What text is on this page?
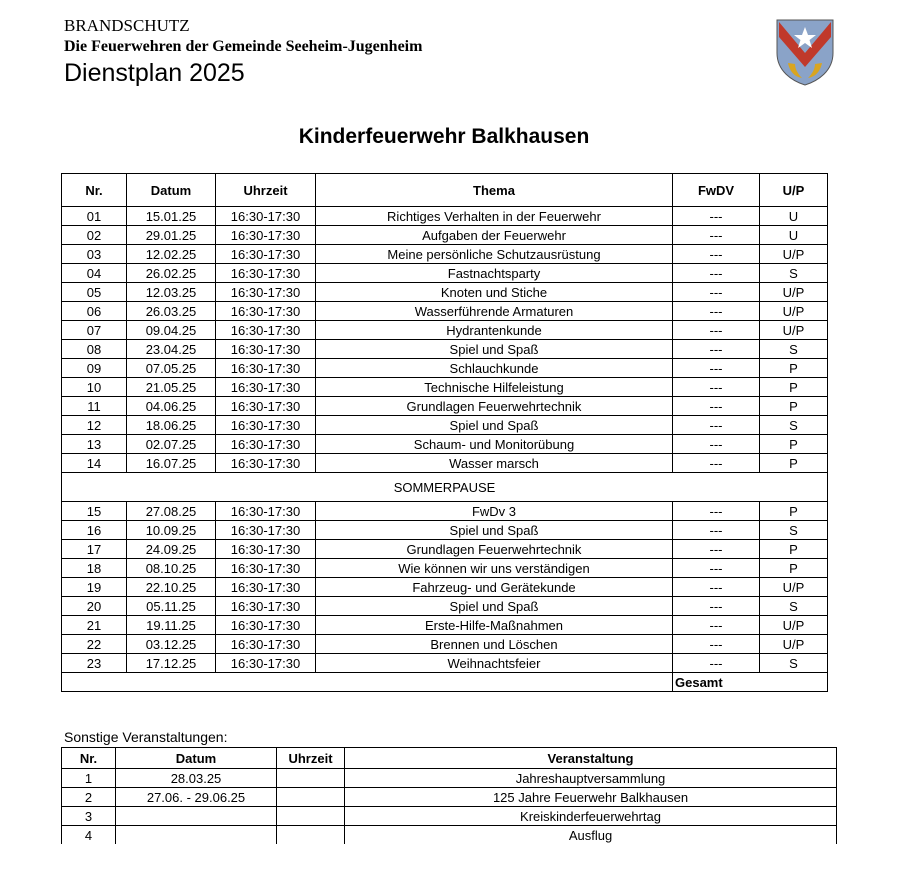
BRANDSCHUTZ
Die Feuerwehren der Gemeinde Seeheim-Jugenheim
Dienstplan 2025
Kinderfeuerwehr Balkhausen
Nr.	Datum	Uhrzeit	Thema	FwDV	U/P
01	15.01.25	16:30-17:30	Richtiges Verhalten in der Feuerwehr	---	U
02	29.01.25	16:30-17:30	Aufgaben der Feuerwehr	---	U
03	12.02.25	16:30-17:30	Meine persönliche Schutzausrüstung	---	U/P
04	26.02.25	16:30-17:30	Fastnachtsparty	---	S
05	12.03.25	16:30-17:30	Knoten und Stiche	---	U/P
06	26.03.25	16:30-17:30	Wasserführende Armaturen	---	U/P
07	09.04.25	16:30-17:30	Hydrantenkunde	---	U/P
08	23.04.25	16:30-17:30	Spiel und Spaß	---	S
09	07.05.25	16:30-17:30	Schlauchkunde	---	P
10	21.05.25	16:30-17:30	Technische Hilfeleistung	---	P
11	04.06.25	16:30-17:30	Grundlagen Feuerwehrtechnik	---	P
12	18.06.25	16:30-17:30	Spiel und Spaß	---	S
13	02.07.25	16:30-17:30	Schaum- und Monitorübung	---	P
14	16.07.25	16:30-17:30	Wasser marsch	---	P
SOMMERPAUSE					
15	27.08.25	16:30-17:30	FwDv 3	---	P
16	10.09.25	16:30-17:30	Spiel und Spaß	---	S
17	24.09.25	16:30-17:30	Grundlagen Feuerwehrtechnik	---	P
18	08.10.25	16:30-17:30	Wie können wir uns verständigen	---	P
19	22.10.25	16:30-17:30	Fahrzeug- und Gerätekunde	---	U/P
20	05.11.25	16:30-17:30	Spiel und Spaß	---	S
21	19.11.25	16:30-17:30	Erste-Hilfe-Maßnahmen	---	U/P
22	03.12.25	16:30-17:30	Brennen und Löschen	---	U/P
23	17.12.25	16:30-17:30	Weihnachtsfeier	---	S
				Gesamt	
Sonstige Veranstaltungen:
Nr.	Datum	Uhrzeit	Veranstaltung
1	28.03.25		Jahreshauptversammlung
2	27.06. - 29.06.25		125 Jahre Feuerwehr Balkhausen
3			Kreiskinderfeuerwehrtag
4			Ausflug
